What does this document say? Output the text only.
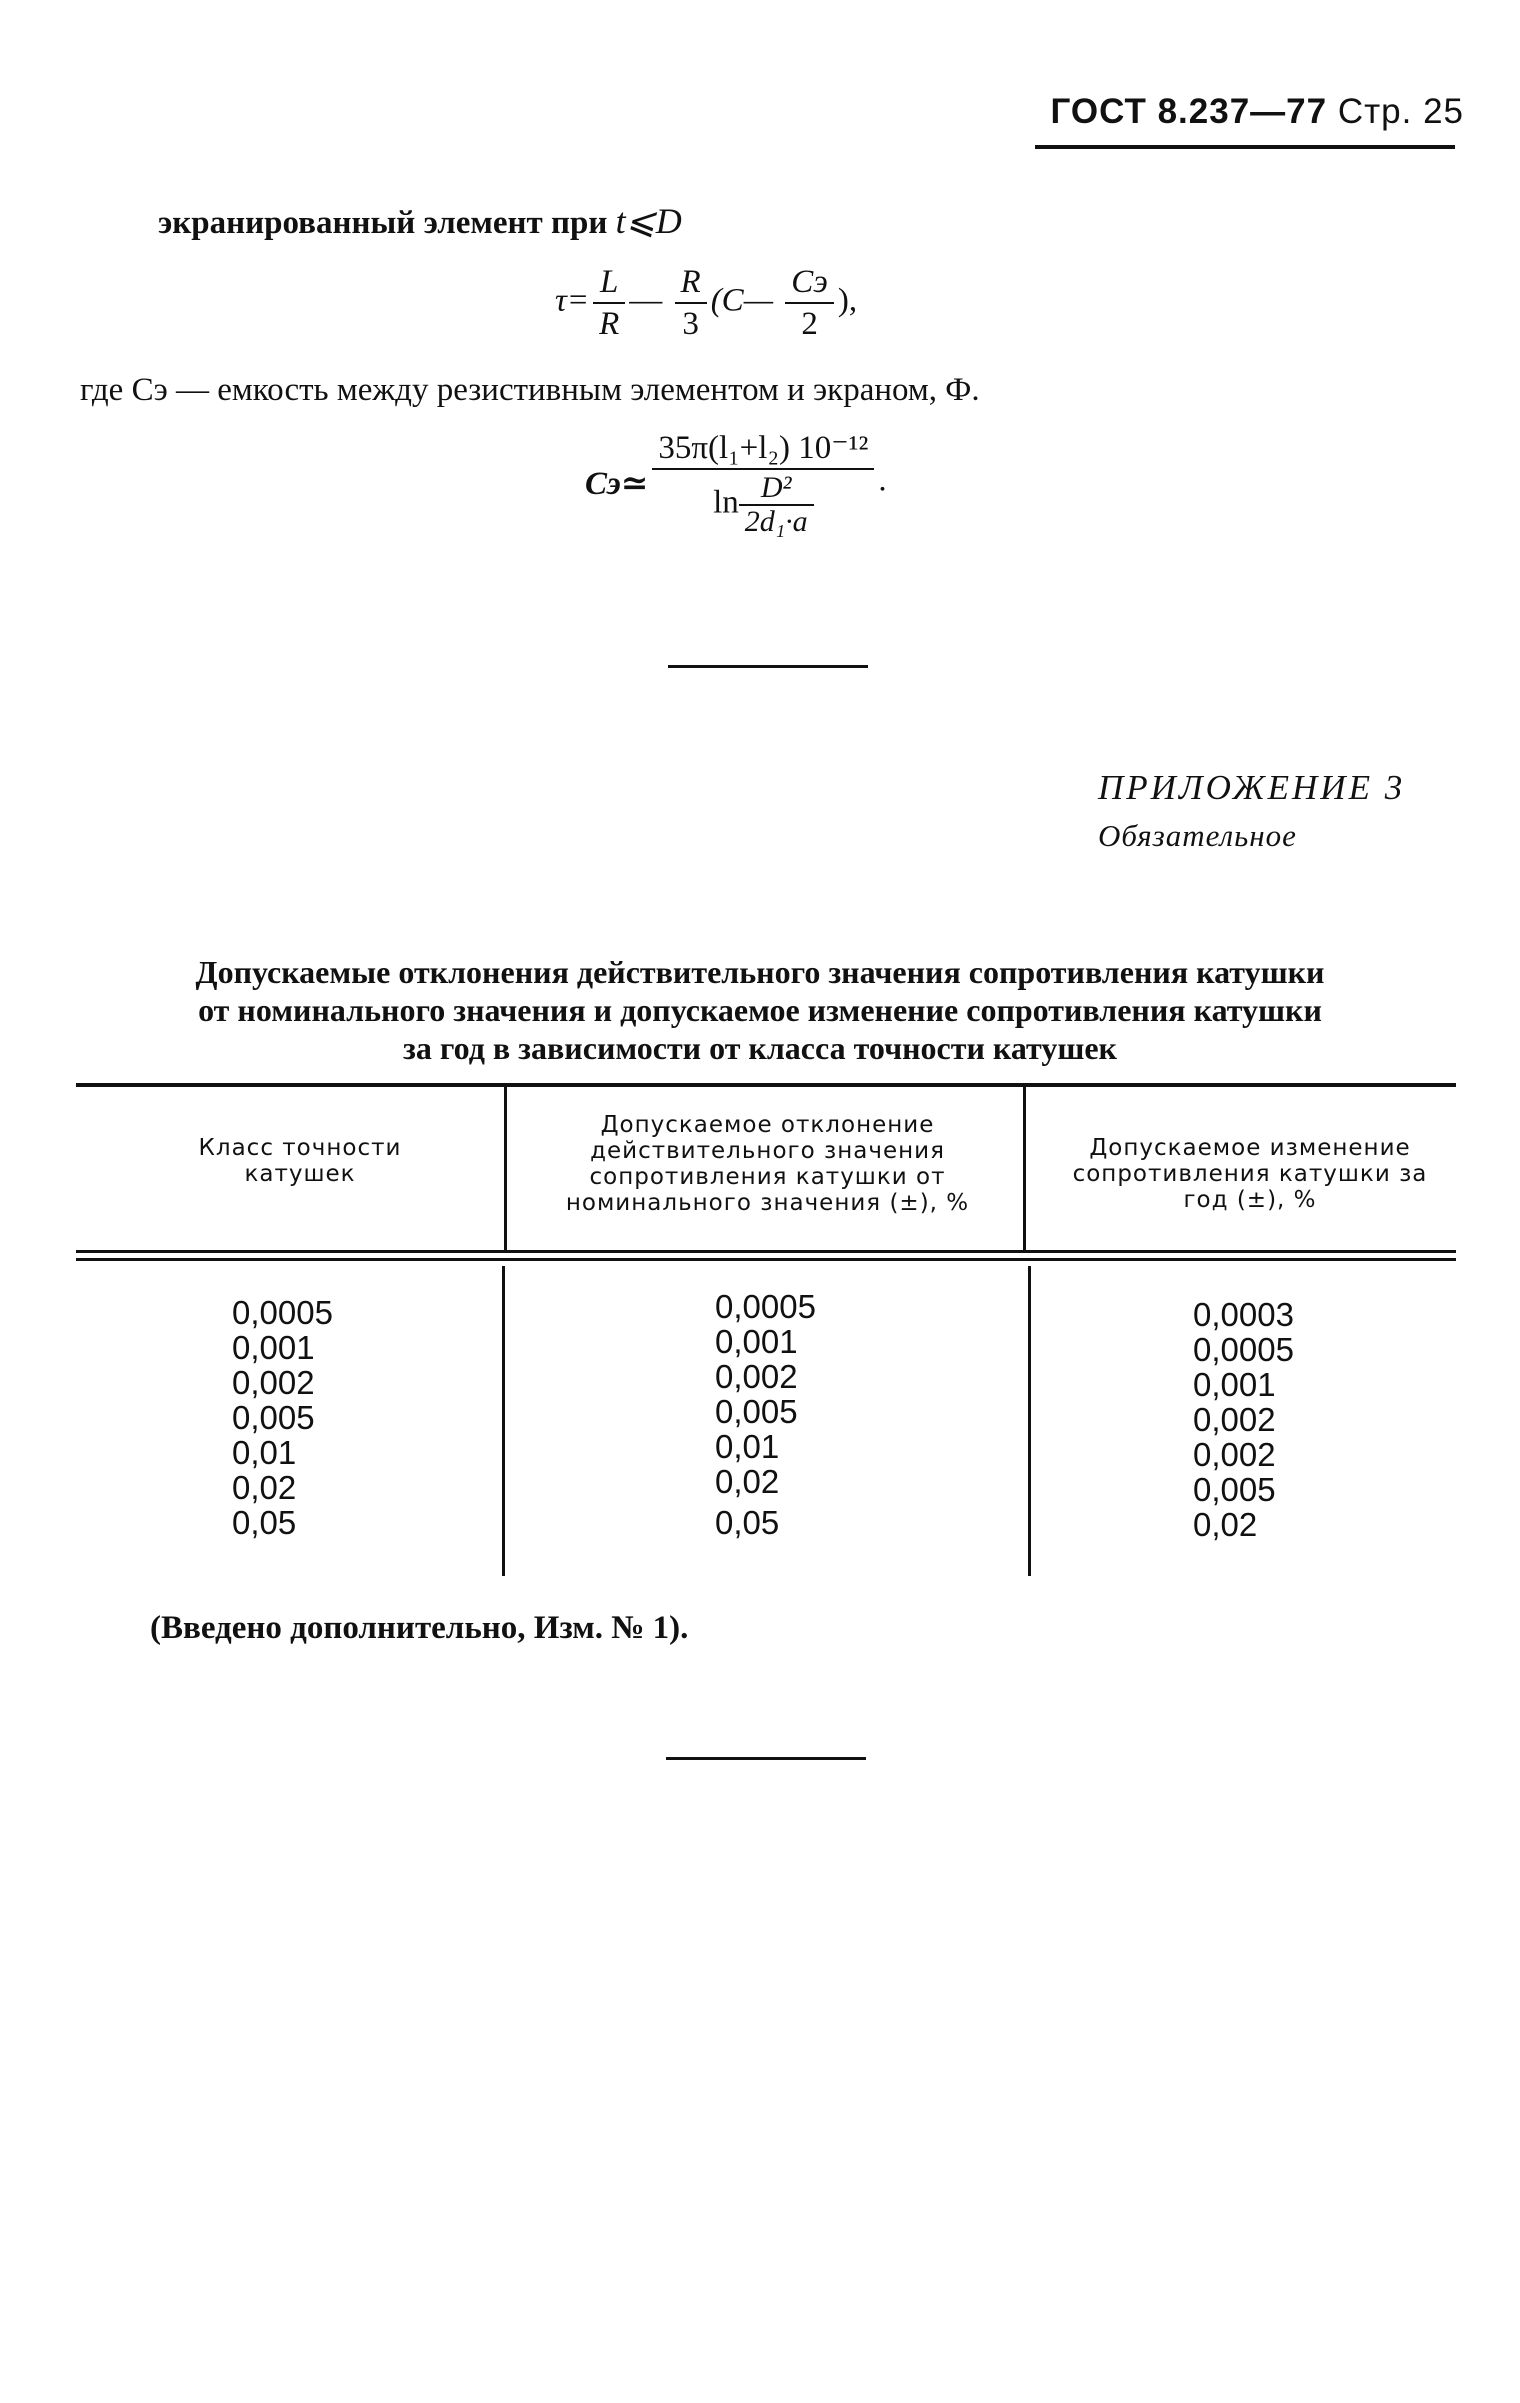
ГОСТ 8.237—77 Стр. 25
экранированный элемент при t⩽D
$\tau= \frac{L}{R}$ — $\frac{R}{3}$ (C— $\frac{Cэ}{2}$ ),
где Cэ — емкость между резистивным элементом и экраном, Ф.
Cэ≃ $\frac{\text{35π(l₁+l₂) 10⁻¹²}}{\ln \frac{\text{D²}}{\text{2d₁·a}}}$ .
ПРИЛОЖЕНИЕ 3
Обязательное
Допускаемые отклонения действительного значения сопротивления катушки
от номинального значения и допускаемое изменение сопротивления катушки
за год в зависимости от класса точности катушек
Класс точности катушек
Допускаемое отклонение действительного значения сопротивления катушки от номинального значения (±), %
Допускаемое изменение сопротивления катушки за год (±), %
0,0005
0,001
0,002
0,005
0,01
0,02
0,05
0,0005
0,001
0,002
0,005
0,01
0,02
0,05
0,0003
0,0005
0,001
0,002
0,002
0,005
0,02
(Введено дополнительно, Изм. № 1).
